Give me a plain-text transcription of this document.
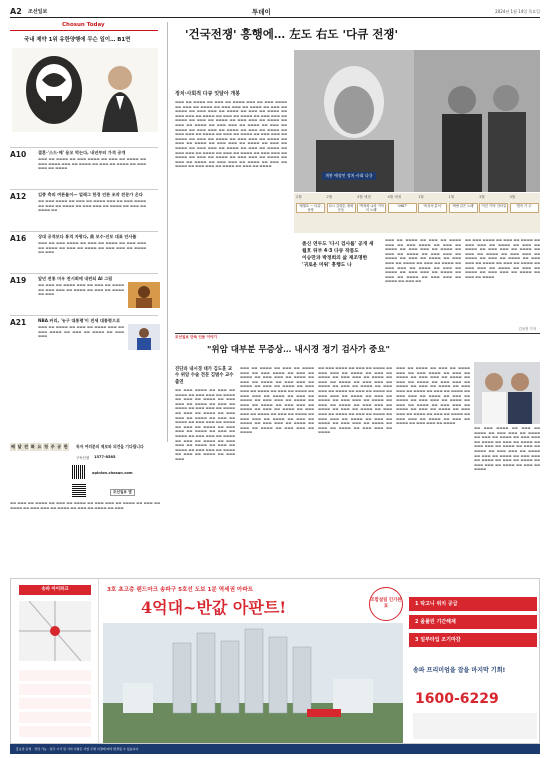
A2 조선일보	투데이	2024년 1월 14일 목요일
Chosun Today
국내 제약 1위 유한양행에 무슨 일이… B1면
A10	결혼·'스드·메' 용모 막는다, 내년부터 가격 공개
▬▬▬ ▬▬ ▬▬▬▬ ▬▬ ▬▬▬ ▬▬▬▬ ▬▬ ▬▬▬ ▬▬ ▬▬▬▬ ▬▬ ▬▬▬ ▬▬▬▬ ▬▬▬ ▬▬ ▬▬▬▬ ▬▬ ▬▬▬ ▬▬ ▬▬▬▬ ▬▬ ▬▬▬ ▬▬▬ ▬▬ ▬▬▬▬
A12	김종 측의 여론몰이— 얼레그 한경 언론 조작 전문가 온다
▬▬ ▬▬▬ ▬▬▬▬ ▬▬ ▬▬▬ ▬▬ ▬▬▬▬ ▬▬▬ ▬▬ ▬▬▬ ▬▬▬▬ ▬▬ ▬▬▬ ▬▬ ▬▬▬▬ ▬▬ ▬▬▬ ▬▬▬ ▬▬ ▬▬▬▬ ▬▬ ▬▬▬ ▬▬ ▬▬▬▬ ▬▬
A16	상대 공격보다 통격 자랑다, 美 보수·진보 대표 안사를
▬▬▬ ▬▬ ▬▬▬ ▬▬▬▬ ▬▬ ▬▬▬ ▬▬ ▬▬▬▬ ▬▬ ▬▬▬ ▬▬▬ ▬▬ ▬▬▬▬ ▬▬ ▬▬▬ ▬▬ ▬▬▬▬ ▬▬ ▬▬▬ ▬▬▬ ▬▬ ▬▬▬▬ ▬▬ ▬▬▬
A19	앞년 전통 미우 전시회에 내란되 AI 그림
▬▬ ▬▬▬ ▬▬ ▬▬▬▬ ▬▬▬ ▬▬ ▬▬▬ ▬▬ ▬▬▬▬ ▬▬ ▬▬▬ ▬▬▬ ▬▬ ▬▬▬▬ ▬▬ ▬▬▬ ▬▬ ▬▬▬▬ ▬▬ ▬▬▬
A21	NBA 커리, '농구 대통령'이 전세 대통령으로
▬▬▬ ▬▬ ▬▬▬▬ ▬▬ ▬▬▬ ▬▬ ▬▬▬▬ ▬▬▬ ▬▬ ▬▬▬ ▬▬▬▬ ▬▬ ▬▬▬ ▬▬ ▬▬▬▬ ▬▬ ▬▬▬ ▬▬▬
배 달 전 화 요 청 주 공 한 독자 여러분의 제보와 의견을 기다립니다
구독신청 1577-8585
opinion.chosun.com
조선일보 앱
▬▬ ▬▬▬ ▬▬ ▬▬▬▬ ▬▬ ▬▬▬ ▬▬ ▬▬▬▬ ▬▬ ▬▬▬ ▬▬▬ ▬▬ ▬▬▬▬ ▬▬ ▬▬▬ ▬▬ ▬▬▬▬ ▬▬ ▬▬▬ ▬▬▬ ▬▬ ▬▬▬▬ ▬▬ ▬▬▬ ▬▬ ▬▬▬▬ ▬▬ ▬▬▬
'건국전쟁' 흥행에… 左도 右도 '다큐 전쟁'
정치·사회적 다큐 잇달아 개봉
▬▬▬ ▬▬ ▬▬▬▬ ▬▬ ▬▬▬ ▬▬ ▬▬▬▬ ▬▬▬ ▬▬ ▬▬▬ ▬▬▬▬ ▬▬ ▬▬▬ ▬▬ ▬▬▬▬ ▬▬ ▬▬▬ ▬▬▬ ▬▬ ▬▬▬▬ ▬▬ ▬▬▬ ▬▬ ▬▬▬▬ ▬▬ ▬▬▬ ▬▬▬ ▬▬ ▬▬▬▬ ▬▬ ▬▬▬ ▬▬ ▬▬▬▬ ▬▬ ▬▬▬ ▬▬▬ ▬▬ ▬▬▬▬ ▬▬ ▬▬▬ ▬▬ ▬▬▬▬ ▬▬ ▬▬▬ ▬▬▬ ▬▬ ▬▬▬▬ ▬▬ ▬▬▬ ▬▬ ▬▬▬▬ ▬▬ ▬▬▬ ▬▬▬ ▬▬ ▬▬▬▬ ▬▬ ▬▬▬ ▬▬ ▬▬▬▬ ▬▬ ▬▬▬ ▬▬▬ ▬▬ ▬▬▬▬ ▬▬ ▬▬▬ ▬▬ ▬▬▬▬ ▬▬ ▬▬▬ ▬▬▬ ▬▬ ▬▬▬▬ ▬▬ ▬▬▬ ▬▬ ▬▬▬▬ ▬▬ ▬▬▬ ▬▬▬ ▬▬ ▬▬▬▬ ▬▬ ▬▬▬ ▬▬ ▬▬▬▬ ▬▬ ▬▬▬ ▬▬▬ ▬▬ ▬▬▬▬ ▬▬ ▬▬▬ ▬▬ ▬▬▬▬ ▬▬ ▬▬▬ ▬▬▬ ▬▬ ▬▬▬▬ ▬▬ ▬▬▬ ▬▬ ▬▬▬▬ ▬▬ ▬▬▬ ▬▬▬ ▬▬ ▬▬▬▬ ▬▬ ▬▬▬ ▬▬ ▬▬▬▬ ▬▬ ▬▬▬ ▬▬▬ ▬▬ ▬▬▬▬ ▬▬ ▬▬▬ ▬▬ ▬▬▬▬ ▬▬ ▬▬▬ ▬▬▬ ▬▬ ▬▬▬▬ ▬▬ ▬▬▬ ▬▬ ▬▬▬▬ ▬▬ ▬▬▬ ▬▬▬ ▬▬ ▬▬▬▬ ▬▬ ▬▬▬ ▬▬ ▬▬▬▬ ▬▬ ▬▬▬ ▬▬▬ ▬▬ ▬▬▬▬ ▬▬ ▬▬▬ ▬▬ ▬▬▬▬ ▬▬ ▬▬▬ ▬▬▬ ▬▬ ▬▬▬▬ ▬▬ ▬▬▬ ▬▬ ▬▬▬▬ ▬▬ ▬▬▬ ▬▬▬ ▬▬ ▬▬▬▬ ▬▬ ▬▬▬ ▬▬ ▬▬▬▬
개봉 예정인 정치·사회 다큐
2월
'세월호 ··· 다큐', 상영
2월
다시 김대중, 평화 운동
3월 예정
'박정희 나라 기억의 노래'
4월 예정
'1987'
1월
'비상의 분석'
1월
'바람 같은 노래'
3월
'이건 기억' 인터뷰
3월
'밥꼭 가 주'
좀신 연두도 '다시 검사를' 공개 세월호 뒤부 4·3 다큐 작품도
이승만과 박정희의 삶 재조명한 '귀로운 미워' 흥행도 나
▬▬▬ ▬▬ ▬▬▬▬ ▬▬ ▬▬▬ ▬▬ ▬▬▬▬ ▬▬▬ ▬▬ ▬▬▬ ▬▬▬▬ ▬▬ ▬▬▬ ▬▬ ▬▬▬▬ ▬▬ ▬▬▬ ▬▬▬ ▬▬ ▬▬▬▬ ▬▬ ▬▬▬ ▬▬ ▬▬▬▬ ▬▬ ▬▬▬ ▬▬▬ ▬▬ ▬▬▬▬ ▬▬ ▬▬▬ ▬▬ ▬▬▬▬ ▬▬ ▬▬▬ ▬▬▬ ▬▬ ▬▬▬▬ ▬▬ ▬▬▬ ▬▬ ▬▬▬▬ ▬▬ ▬▬▬ ▬▬▬ ▬▬ ▬▬▬▬ ▬▬ ▬▬▬ ▬▬ ▬▬▬▬ ▬▬ ▬▬▬ ▬▬▬ ▬▬ ▬▬▬▬ ▬▬ ▬▬▬ ▬▬ ▬▬▬▬ ▬▬ ▬▬▬ ▬▬▬ ▬▬ ▬▬▬▬ ▬▬ ▬▬▬ ▬▬
▬▬ ▬▬▬ ▬▬▬▬ ▬▬ ▬▬▬ ▬▬ ▬▬▬▬ ▬▬ ▬▬▬ ▬▬▬ ▬▬ ▬▬▬▬ ▬▬ ▬▬▬ ▬▬ ▬▬▬▬ ▬▬ ▬▬▬ ▬▬▬ ▬▬ ▬▬▬▬ ▬▬ ▬▬▬ ▬▬ ▬▬▬▬ ▬▬ ▬▬▬ ▬▬▬ ▬▬ ▬▬▬▬ ▬▬ ▬▬▬ ▬▬ ▬▬▬▬ ▬▬ ▬▬▬ ▬▬▬ ▬▬ ▬▬▬▬ ▬▬ ▬▬▬ ▬▬ ▬▬▬▬ ▬▬ ▬▬▬ ▬▬▬ ▬▬ ▬▬▬▬ ▬▬ ▬▬▬ ▬▬ ▬▬▬▬ ▬▬ ▬▬▬ ▬▬▬ ▬▬ ▬▬▬▬ ▬▬ ▬▬▬ ▬▬ ▬▬▬▬
김성현 기자
조선일보 단독 인용 이야기
"위암 대부분 무증상… 내시경 정기 검사가 중요"
진단과 내시경 대가 김도훈 교수 위암 수술 전문 김범수 교수 출연
▬▬ ▬▬▬ ▬▬▬▬ ▬▬ ▬▬▬ ▬▬ ▬▬▬▬ ▬▬ ▬▬▬ ▬▬▬ ▬▬ ▬▬▬▬ ▬▬ ▬▬▬ ▬▬ ▬▬▬▬ ▬▬ ▬▬▬ ▬▬▬ ▬▬ ▬▬▬▬ ▬▬ ▬▬▬ ▬▬ ▬▬▬▬ ▬▬ ▬▬▬ ▬▬▬ ▬▬ ▬▬▬▬ ▬▬ ▬▬▬ ▬▬ ▬▬▬▬ ▬▬ ▬▬▬ ▬▬▬ ▬▬ ▬▬▬▬ ▬▬ ▬▬▬ ▬▬ ▬▬▬▬ ▬▬ ▬▬▬ ▬▬▬ ▬▬ ▬▬▬▬ ▬▬ ▬▬▬ ▬▬ ▬▬▬▬ ▬▬ ▬▬▬ ▬▬▬ ▬▬ ▬▬▬▬ ▬▬ ▬▬▬ ▬▬ ▬▬▬▬ ▬▬ ▬▬▬ ▬▬▬ ▬▬ ▬▬▬▬ ▬▬ ▬▬▬ ▬▬ ▬▬▬▬ ▬▬ ▬▬▬ ▬▬▬ ▬▬ ▬▬▬▬ ▬▬ ▬▬▬ ▬▬ ▬▬▬▬ ▬▬ ▬▬▬ ▬▬▬ ▬▬ ▬▬▬▬ ▬▬ ▬▬▬ ▬▬ ▬▬▬▬ ▬▬ ▬▬▬ ▬▬▬
▬▬▬ ▬▬ ▬▬▬▬ ▬▬ ▬▬▬ ▬▬ ▬▬▬▬ ▬▬▬ ▬▬ ▬▬▬ ▬▬▬▬ ▬▬ ▬▬▬ ▬▬ ▬▬▬▬ ▬▬ ▬▬▬ ▬▬▬ ▬▬ ▬▬▬▬ ▬▬ ▬▬▬ ▬▬ ▬▬▬▬ ▬▬ ▬▬▬ ▬▬▬ ▬▬ ▬▬▬▬ ▬▬ ▬▬▬ ▬▬ ▬▬▬▬ ▬▬ ▬▬▬ ▬▬▬ ▬▬ ▬▬▬▬ ▬▬ ▬▬▬ ▬▬ ▬▬▬▬ ▬▬ ▬▬▬ ▬▬▬ ▬▬ ▬▬▬▬ ▬▬ ▬▬▬ ▬▬ ▬▬▬▬ ▬▬ ▬▬▬ ▬▬▬ ▬▬ ▬▬▬▬ ▬▬ ▬▬▬ ▬▬ ▬▬▬▬ ▬▬ ▬▬▬ ▬▬▬ ▬▬ ▬▬▬▬ ▬▬ ▬▬▬ ▬▬ ▬▬▬▬ ▬▬ ▬▬▬ ▬▬▬ ▬▬ ▬▬▬▬ ▬▬ ▬▬▬ ▬▬ ▬▬▬▬ ▬▬ ▬▬▬ ▬▬▬ ▬▬ ▬▬▬▬ ▬▬ ▬▬▬ ▬▬ ▬▬▬▬ ▬▬ ▬▬▬ ▬▬▬ ▬▬ ▬▬▬▬ ▬▬ ▬▬▬ ▬▬ ▬▬▬▬ ▬▬ ▬▬▬ ▬▬▬ ▬▬ ▬▬▬▬
▬▬ ▬▬▬ ▬▬▬▬ ▬▬ ▬▬▬ ▬▬ ▬▬▬▬ ▬▬ ▬▬▬ ▬▬▬ ▬▬ ▬▬▬▬ ▬▬ ▬▬▬ ▬▬ ▬▬▬▬ ▬▬ ▬▬▬ ▬▬▬ ▬▬ ▬▬▬▬ ▬▬ ▬▬▬ ▬▬ ▬▬▬▬ ▬▬ ▬▬▬ ▬▬▬ ▬▬ ▬▬▬▬ ▬▬ ▬▬▬ ▬▬ ▬▬▬▬ ▬▬ ▬▬▬ ▬▬▬ ▬▬ ▬▬▬▬ ▬▬ ▬▬▬ ▬▬ ▬▬▬▬ ▬▬ ▬▬▬ ▬▬▬ ▬▬ ▬▬▬▬ ▬▬ ▬▬▬ ▬▬ ▬▬▬▬ ▬▬ ▬▬▬ ▬▬▬ ▬▬ ▬▬▬▬ ▬▬ ▬▬▬ ▬▬ ▬▬▬▬ ▬▬ ▬▬▬ ▬▬▬ ▬▬ ▬▬▬▬ ▬▬ ▬▬▬ ▬▬ ▬▬▬▬ ▬▬ ▬▬▬ ▬▬▬ ▬▬ ▬▬▬▬ ▬▬ ▬▬▬ ▬▬ ▬▬▬▬ ▬▬ ▬▬▬ ▬▬▬ ▬▬ ▬▬▬▬ ▬▬ ▬▬▬ ▬▬ ▬▬▬▬ ▬▬ ▬▬▬ ▬▬▬ ▬▬ ▬▬▬▬ ▬▬ ▬▬▬ ▬▬ ▬▬▬▬ ▬▬ ▬▬▬ ▬▬▬ ▬▬ ▬▬▬▬
▬▬▬ ▬▬ ▬▬▬▬ ▬▬ ▬▬▬ ▬▬ ▬▬▬▬ ▬▬▬ ▬▬ ▬▬▬ ▬▬▬▬ ▬▬ ▬▬▬ ▬▬ ▬▬▬▬ ▬▬ ▬▬▬ ▬▬▬ ▬▬ ▬▬▬▬ ▬▬ ▬▬▬ ▬▬ ▬▬▬▬ ▬▬ ▬▬▬ ▬▬▬ ▬▬ ▬▬▬▬ ▬▬ ▬▬▬ ▬▬ ▬▬▬▬ ▬▬ ▬▬▬ ▬▬▬ ▬▬ ▬▬▬▬ ▬▬ ▬▬▬ ▬▬ ▬▬▬▬ ▬▬ ▬▬▬ ▬▬▬ ▬▬ ▬▬▬▬ ▬▬ ▬▬▬ ▬▬ ▬▬▬▬ ▬▬ ▬▬▬ ▬▬▬ ▬▬ ▬▬▬▬ ▬▬ ▬▬▬ ▬▬ ▬▬▬▬ ▬▬ ▬▬▬ ▬▬▬ ▬▬ ▬▬▬▬ ▬▬ ▬▬▬ ▬▬ ▬▬▬▬ ▬▬ ▬▬▬ ▬▬▬ ▬▬ ▬▬▬▬ ▬▬ ▬▬▬ ▬▬ ▬▬▬▬ ▬▬ ▬▬▬ ▬▬▬ ▬▬ ▬▬▬▬ ▬▬ ▬▬▬ ▬▬ ▬▬▬▬ ▬▬ ▬▬▬ ▬▬▬ ▬▬ ▬▬▬▬
▬▬ ▬▬▬ ▬▬▬▬ ▬▬ ▬▬▬ ▬▬ ▬▬▬▬ ▬▬ ▬▬▬ ▬▬▬ ▬▬ ▬▬▬▬ ▬▬ ▬▬▬ ▬▬ ▬▬▬▬ ▬▬ ▬▬▬ ▬▬▬ ▬▬ ▬▬▬▬ ▬▬ ▬▬▬ ▬▬ ▬▬▬▬ ▬▬ ▬▬▬ ▬▬▬ ▬▬ ▬▬▬▬ ▬▬ ▬▬▬ ▬▬ ▬▬▬▬ ▬▬ ▬▬▬ ▬▬▬ ▬▬ ▬▬▬▬ ▬▬ ▬▬▬ ▬▬ ▬▬▬▬ ▬▬ ▬▬▬ ▬▬▬ ▬▬ ▬▬▬▬ ▬▬ ▬▬▬ ▬▬ ▬▬▬▬ ▬▬ ▬▬▬ ▬▬▬ ▬▬ ▬▬▬▬ ▬▬ ▬▬▬ ▬▬ ▬▬▬▬
송파 아이파크	3호 초고층 랜드마크 송파구 5호선 도보 1분 역세권 아파트
4억대~반값 아판트!	조합설립 인가완료	1 탁고니 위치 공급
2 올풀린 기간해제
3 일부타입 조기마감
송파 프리미엄을 잡을 마지막 기회!
1600-6229
· 홍보관 운영 · 상담 가능 · 입주 시기 및 기타 사항은 사업 주체 사정에 따라 변경될 수 있습니다
